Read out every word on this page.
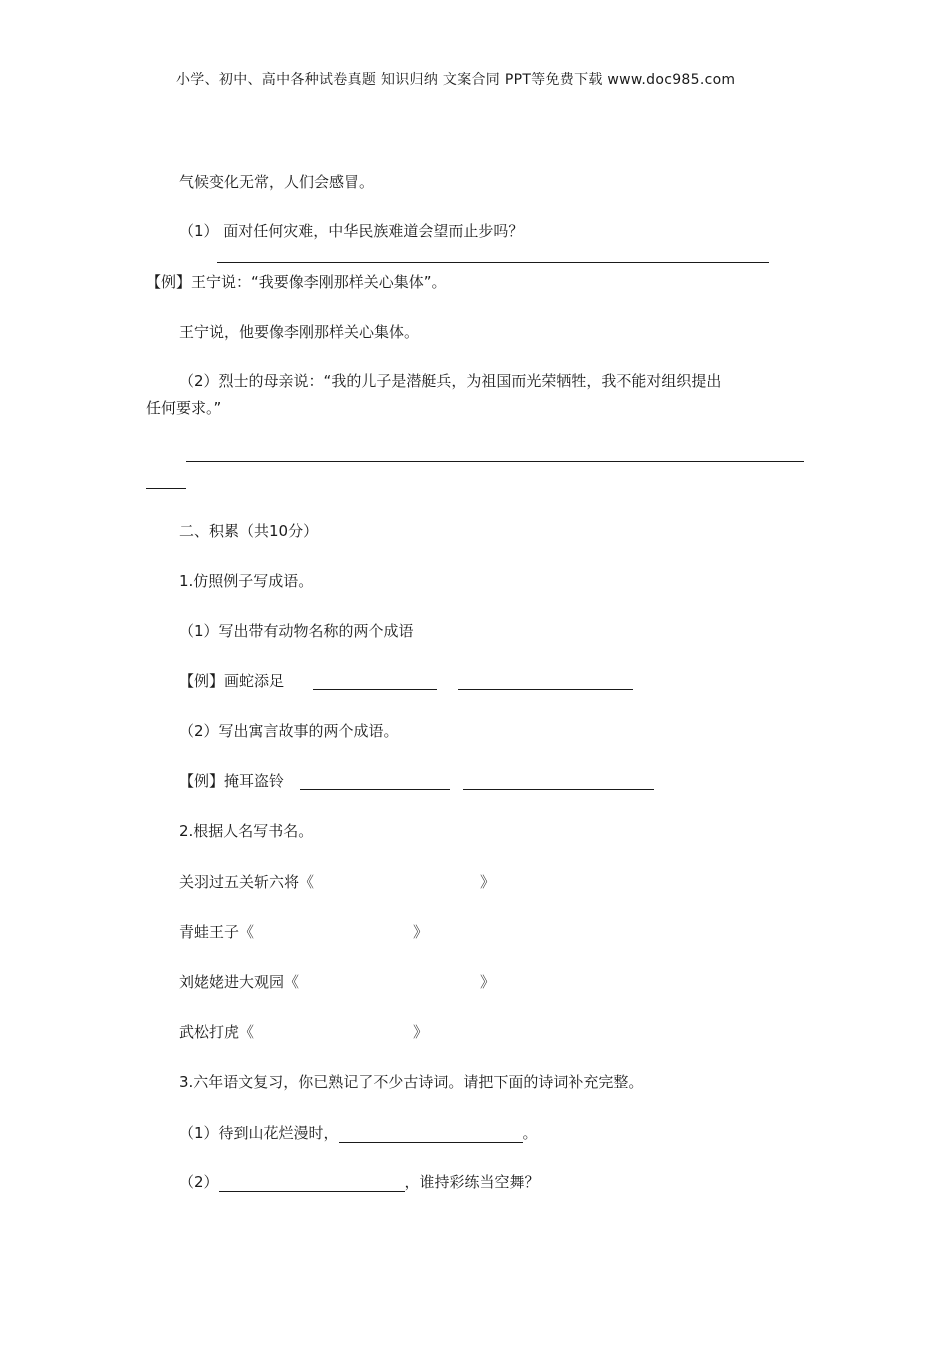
小学、初中、高中各种试卷真题 知识归纳 文案合同 PPT等免费下载 www.doc985.com
气候变化无常，人们会感冒。
（1） 面对任何灾难，中华民族难道会望而止步吗？
【例】王宁说：“我要像李刚那样关心集体”。
王宁说，他要像李刚那样关心集体。
（2）烈士的母亲说：“我的儿子是潜艇兵，为祖国而光荣牺牲，我不能对组织提出
任何要求。”
二、积累（共10分）
1.仿照例子写成语。
（1）写出带有动物名称的两个成语
【例】画蛇添足
（2）写出寓言故事的两个成语。
【例】掩耳盗铃
2.根据人名写书名。
关羽过五关斩六将《	》
青蛙王子《	》
刘姥姥进大观园《	》
武松打虎《	》
3.六年语文复习，你已熟记了不少古诗词。请把下面的诗词补充完整。
（1）待到山花烂漫时，	。
（2）	，谁持彩练当空舞？
